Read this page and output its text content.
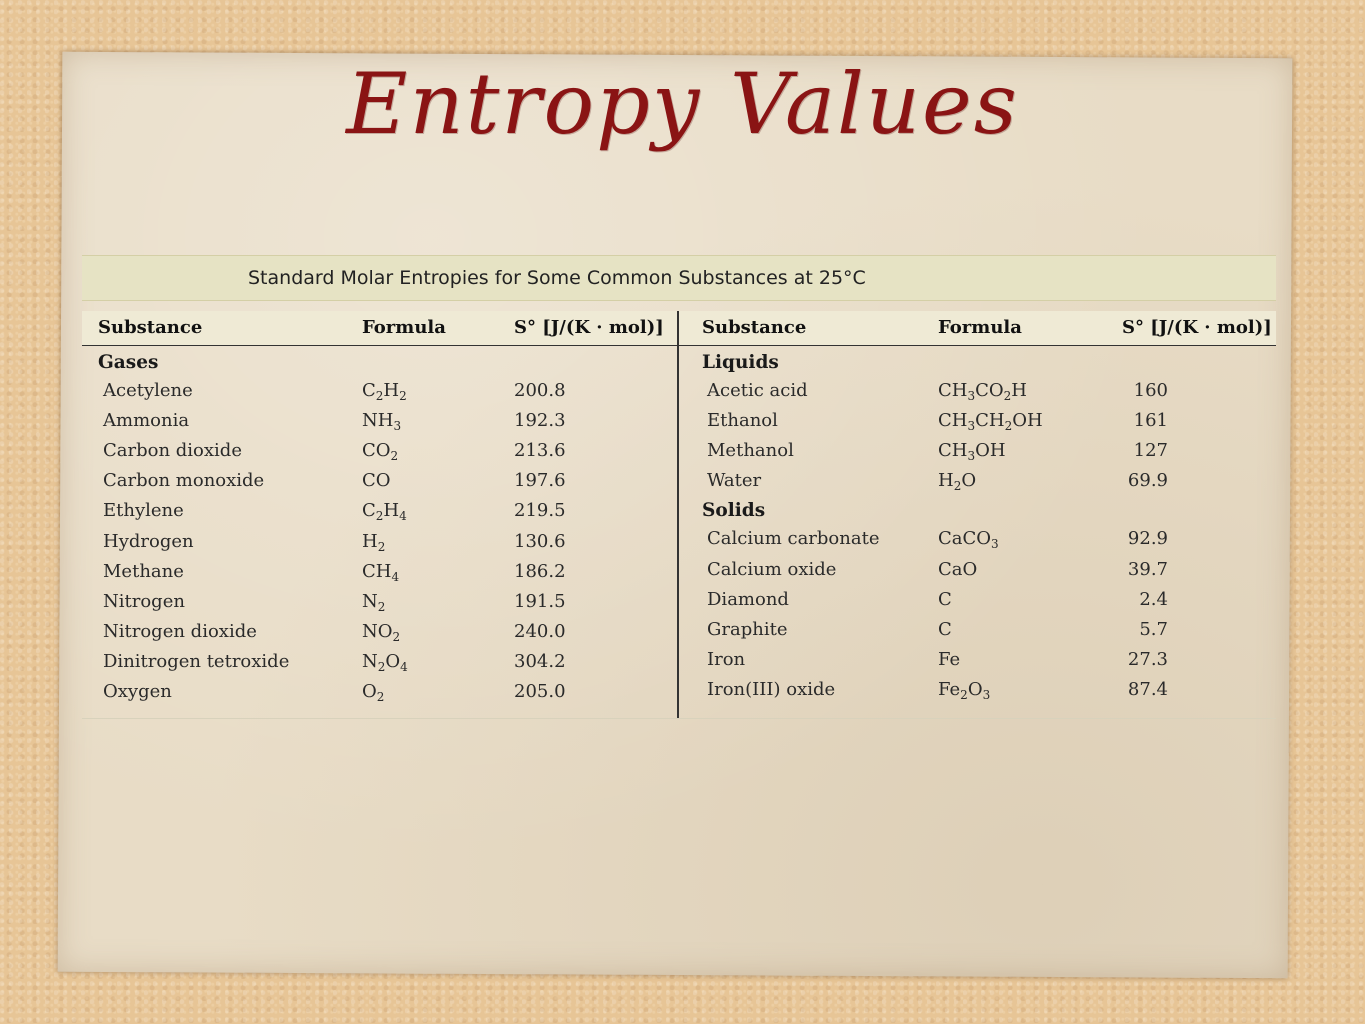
Entropy Values
Standard Molar Entropies for Some Common Substances at 25°C
Substance	Formula	S° [J/(K · mol)] Substance	Formula	S° [J/(K · mol)]
Gases
Acetylene	$C_2H_2$	200.8
Ammonia	$NH_3$	192.3
Carbon dioxide	$CO_2$	213.6
Carbon monoxide	CO	197.6
Ethylene	$C_2H_4$	219.5
Hydrogen	$H_2$	130.6
Methane	$CH_4$	186.2
Nitrogen	$N_2$	191.5
Nitrogen dioxide	$NO_2$	240.0
Dinitrogen tetroxide	$N_2O_4$	304.2
Oxygen	$O_2$	205.0
Liquids
Acetic acid	$CH_3CO_2H$	160
Ethanol	$CH_3CH_2OH$	161
Methanol	$CH_3OH$	127
Water	$H_2O$	69.9
Solids
Calcium carbonate	CaCO$_3$	92.9
Calcium oxide	CaO	39.7
Diamond	C	2.4
Graphite	C	5.7
Iron	Fe	27.3
Iron(III) oxide	$Fe_2O_3$	87.4
